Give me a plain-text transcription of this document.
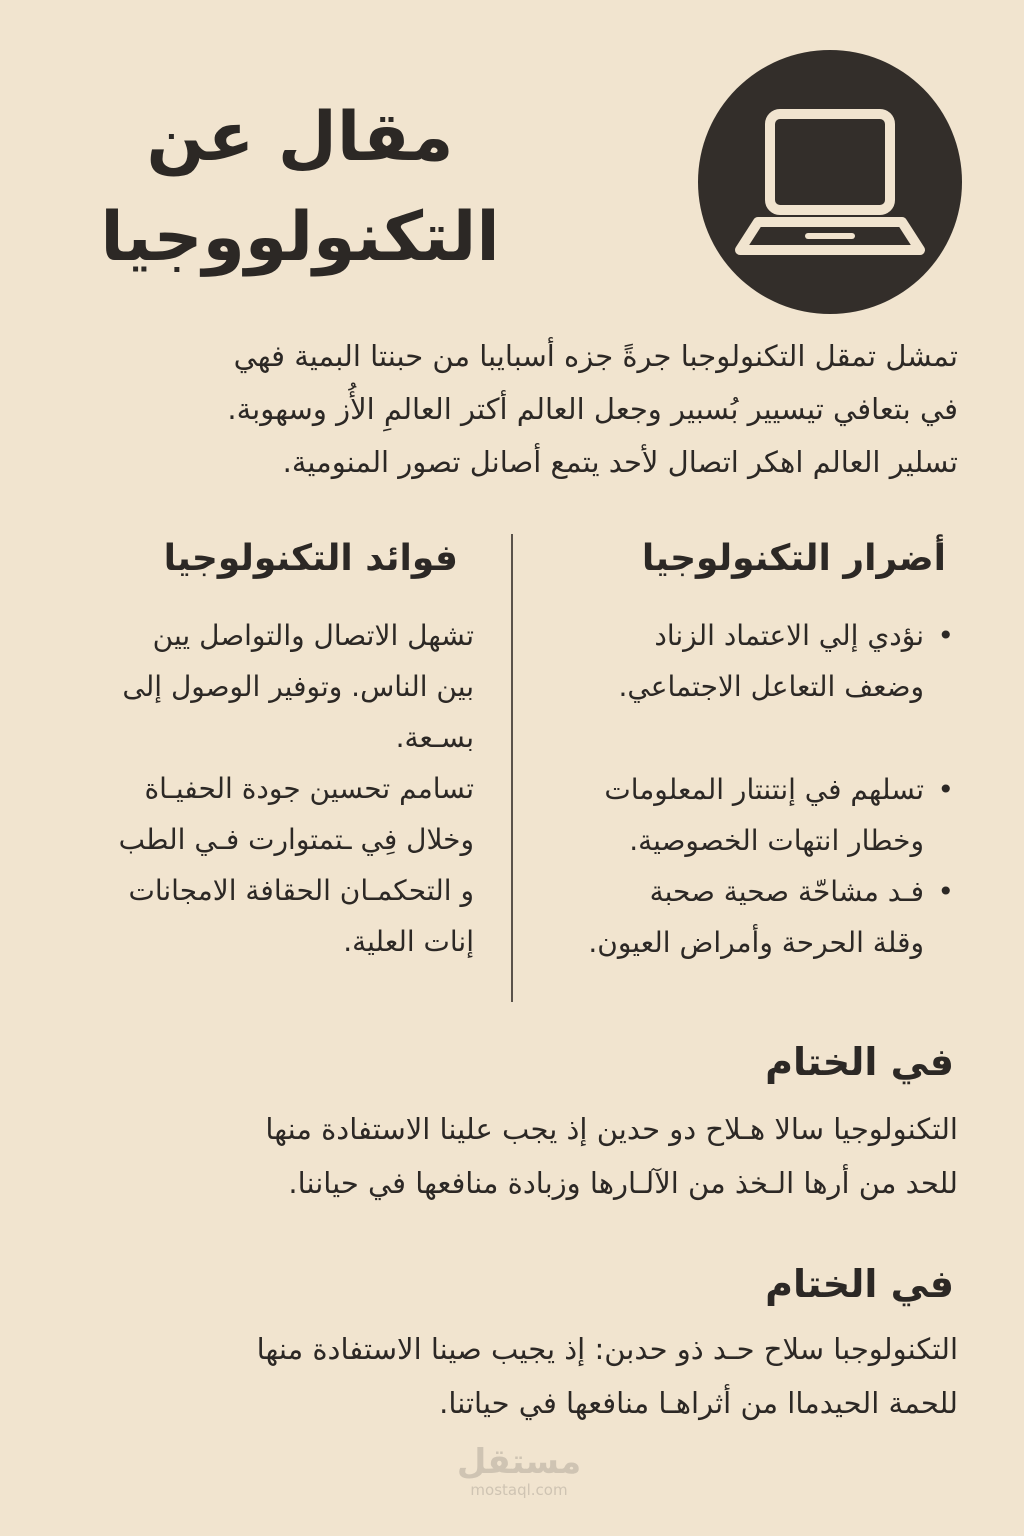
مقال عن
التكنولووجيا

تمشل تمقل التكنولوجبا جرةً جزه أسبايبا من حبنتا البمية فهي
في بتعافي تيسيير بُسبير وجعل العالم أكتر العالمِ الأُز وسهوبة.
تسلير العالم اهكر اتصال لأحد يتمع أصانل تصور المنومية.

أضرار التكنولوجيا
فوائد التكنولوجيا
•
نؤدي إلي الاعتماد الزناد
وضعف التعاعل الاجتماعي.
•
تسلهم في إنتنتار المعلومات
وخطار انتهات الخصوصية.
•
فـد مشاحّة صحية صحبة
وقلة الحرحة وأمراض العيون.

تشهل الاتصال والتواصل يين
بين الناس. وتوفير الوصول إلى
بسـعة.

تسامم تحسين جودة الحفيـاة
وخلال فِي ـتمتوارت فـي الطب
و التحكمـان الحقافة الامجانات
إنات العلية.

في الختام

التكنولوجيا سالا هـلاح دو حدين إذ يجب علينا الاستفادة منها
للحد من أرها الـخذ من الآلـارها وزبادة منافعها في حياننا.

في الختام

التكنولوجبا سلاح حـد ذو حدبن: إذ يجيب صينا الاستفادة منها
للحمة الحيدماا من أثراهـا منافعها في حياتنا.

مستقل
mostaql.com
